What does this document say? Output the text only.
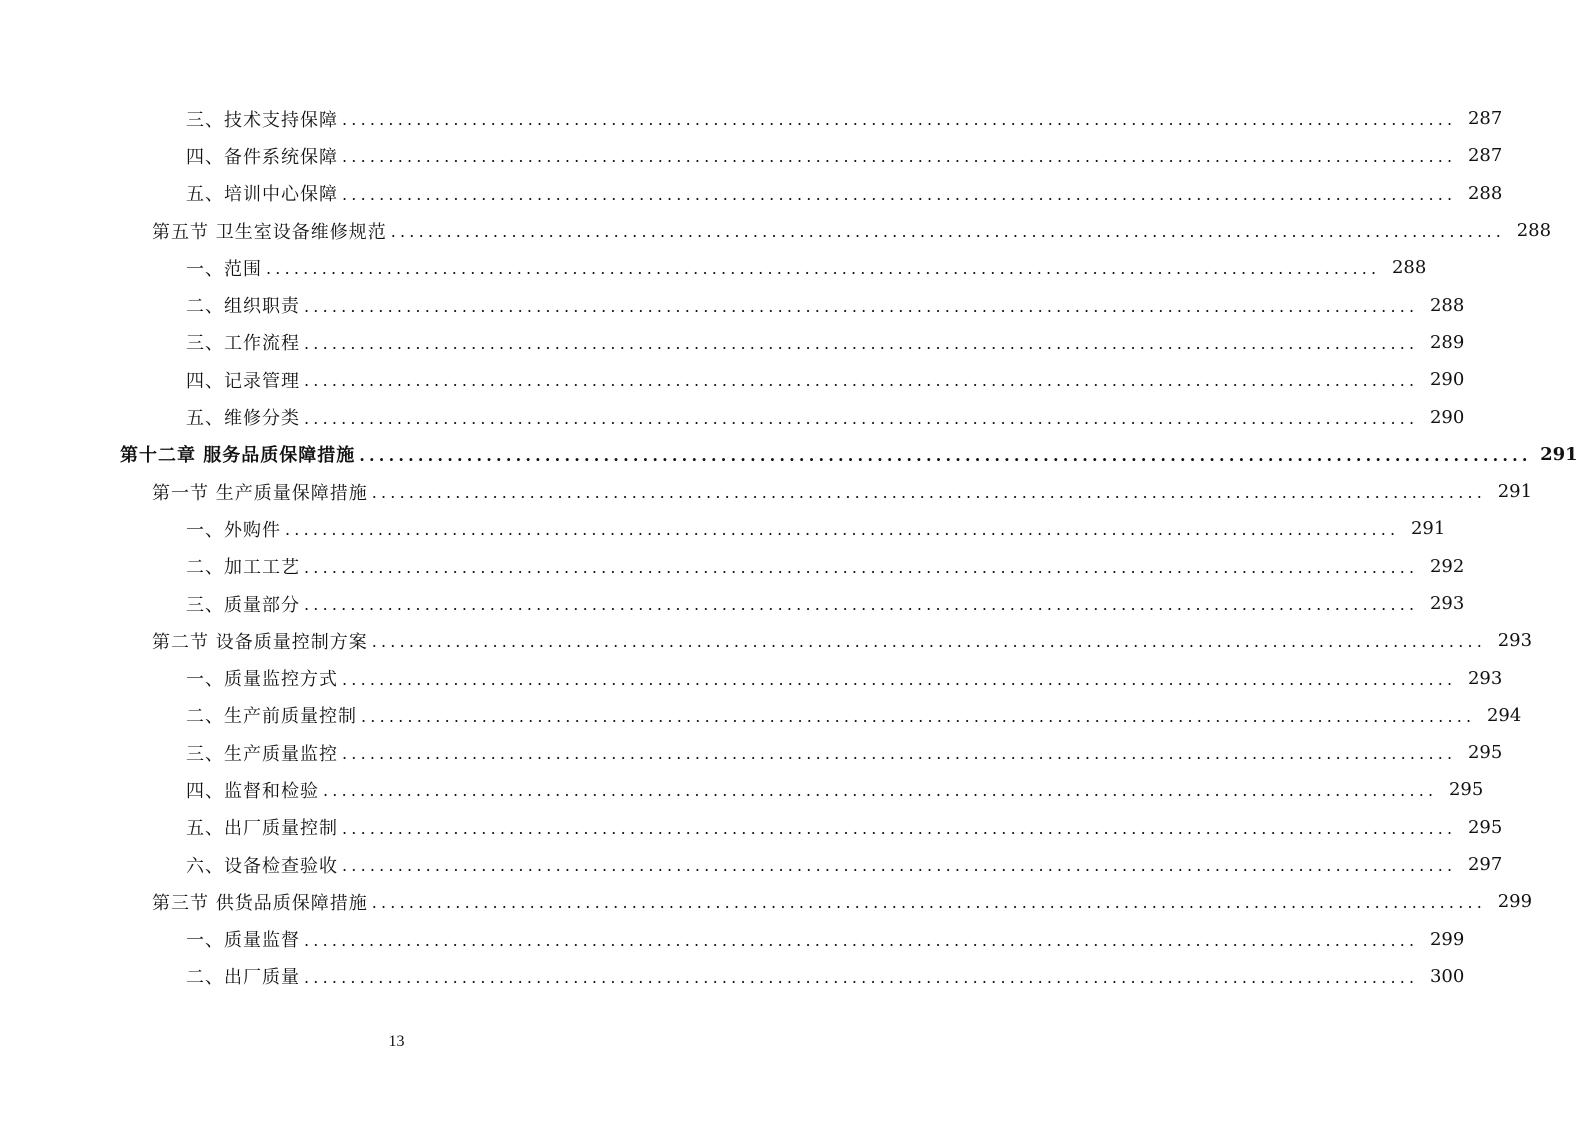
三、技术支持保障 ........................................................................................................................ 287
四、备件系统保障 ........................................................................................................................ 287
五、培训中心保障 ........................................................................................................................ 288
第五节 卫生室设备维修规范 ........................................................................................................................ 288
一、范围 ........................................................................................................................ 288
二、组织职责 ........................................................................................................................ 288
三、工作流程 ........................................................................................................................ 289
四、记录管理 ........................................................................................................................ 290
五、维修分类 ........................................................................................................................ 290
第十二章 服务品质保障措施 ........................................................................................................................ 291
第一节 生产质量保障措施 ........................................................................................................................ 291
一、外购件 ........................................................................................................................ 291
二、加工工艺 ........................................................................................................................ 292
三、质量部分 ........................................................................................................................ 293
第二节 设备质量控制方案 ........................................................................................................................ 293
一、质量监控方式 ........................................................................................................................ 293
二、生产前质量控制 ........................................................................................................................ 294
三、生产质量监控 ........................................................................................................................ 295
四、监督和检验 ........................................................................................................................ 295
五、出厂质量控制 ........................................................................................................................ 295
六、设备检查验收 ........................................................................................................................ 297
第三节 供货品质保障措施 ........................................................................................................................ 299
一、质量监督 ........................................................................................................................ 299
二、出厂质量 ........................................................................................................................ 300
13
